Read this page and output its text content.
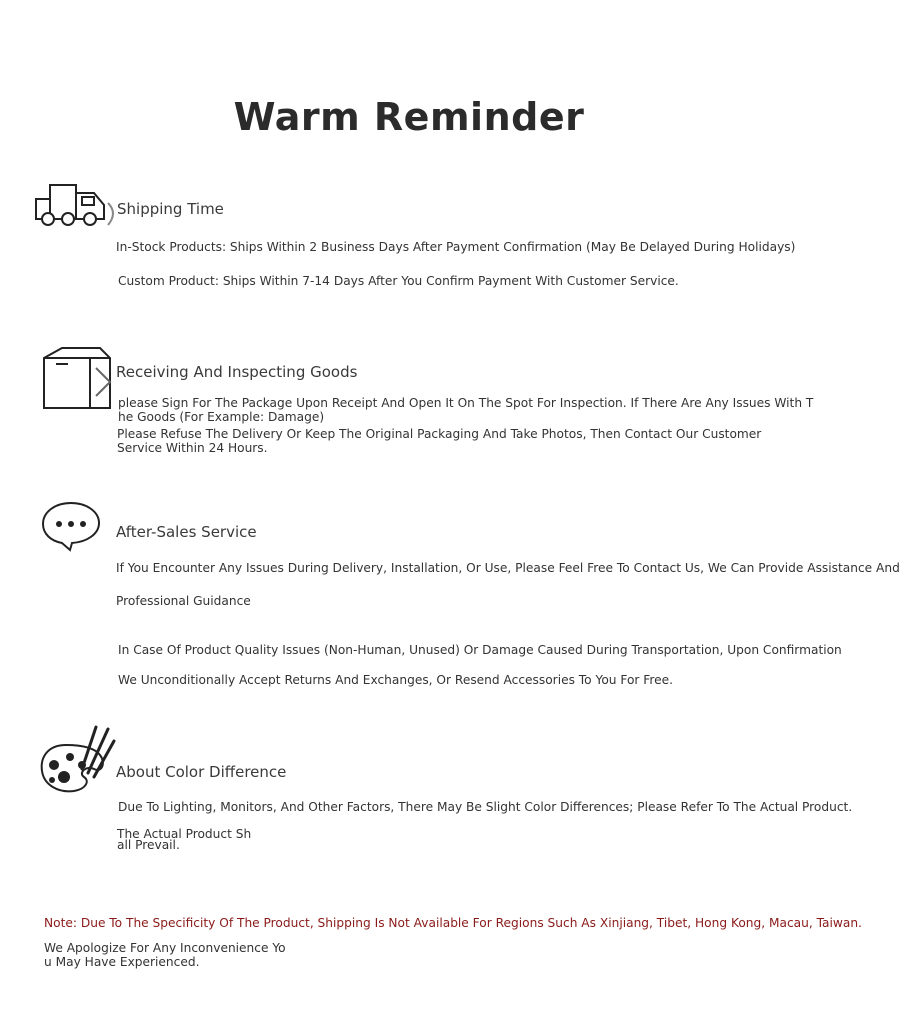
Warm Reminder
Shipping Time
In-Stock Products: Ships Within 2 Business Days After Payment Confirmation (May Be Delayed During Holidays)
Custom Product: Ships Within 7-14 Days After You Confirm Payment With Customer Service.
Receiving And Inspecting Goods
please Sign For The Package Upon Receipt And Open It On The Spot For Inspection. If There Are Any Issues With T
he Goods (For Example: Damage)
Please Refuse The Delivery Or Keep The Original Packaging And Take Photos, Then Contact Our Customer
Service Within 24 Hours.
After-Sales Service
If You Encounter Any Issues During Delivery, Installation, Or Use, Please Feel Free To Contact Us, We Can Provide Assistance And
Professional Guidance
In Case Of Product Quality Issues (Non-Human, Unused) Or Damage Caused During Transportation, Upon Confirmation
We Unconditionally Accept Returns And Exchanges, Or Resend Accessories To You For Free.
About Color Difference
Due To Lighting, Monitors, And Other Factors, There May Be Slight Color Differences; Please Refer To The Actual Product.
The Actual Product Sh
all Prevail.
Note: Due To The Specificity Of The Product, Shipping Is Not Available For Regions Such As Xinjiang, Tibet, Hong Kong, Macau, Taiwan.
We Apologize For Any Inconvenience Yo
u May Have Experienced.
